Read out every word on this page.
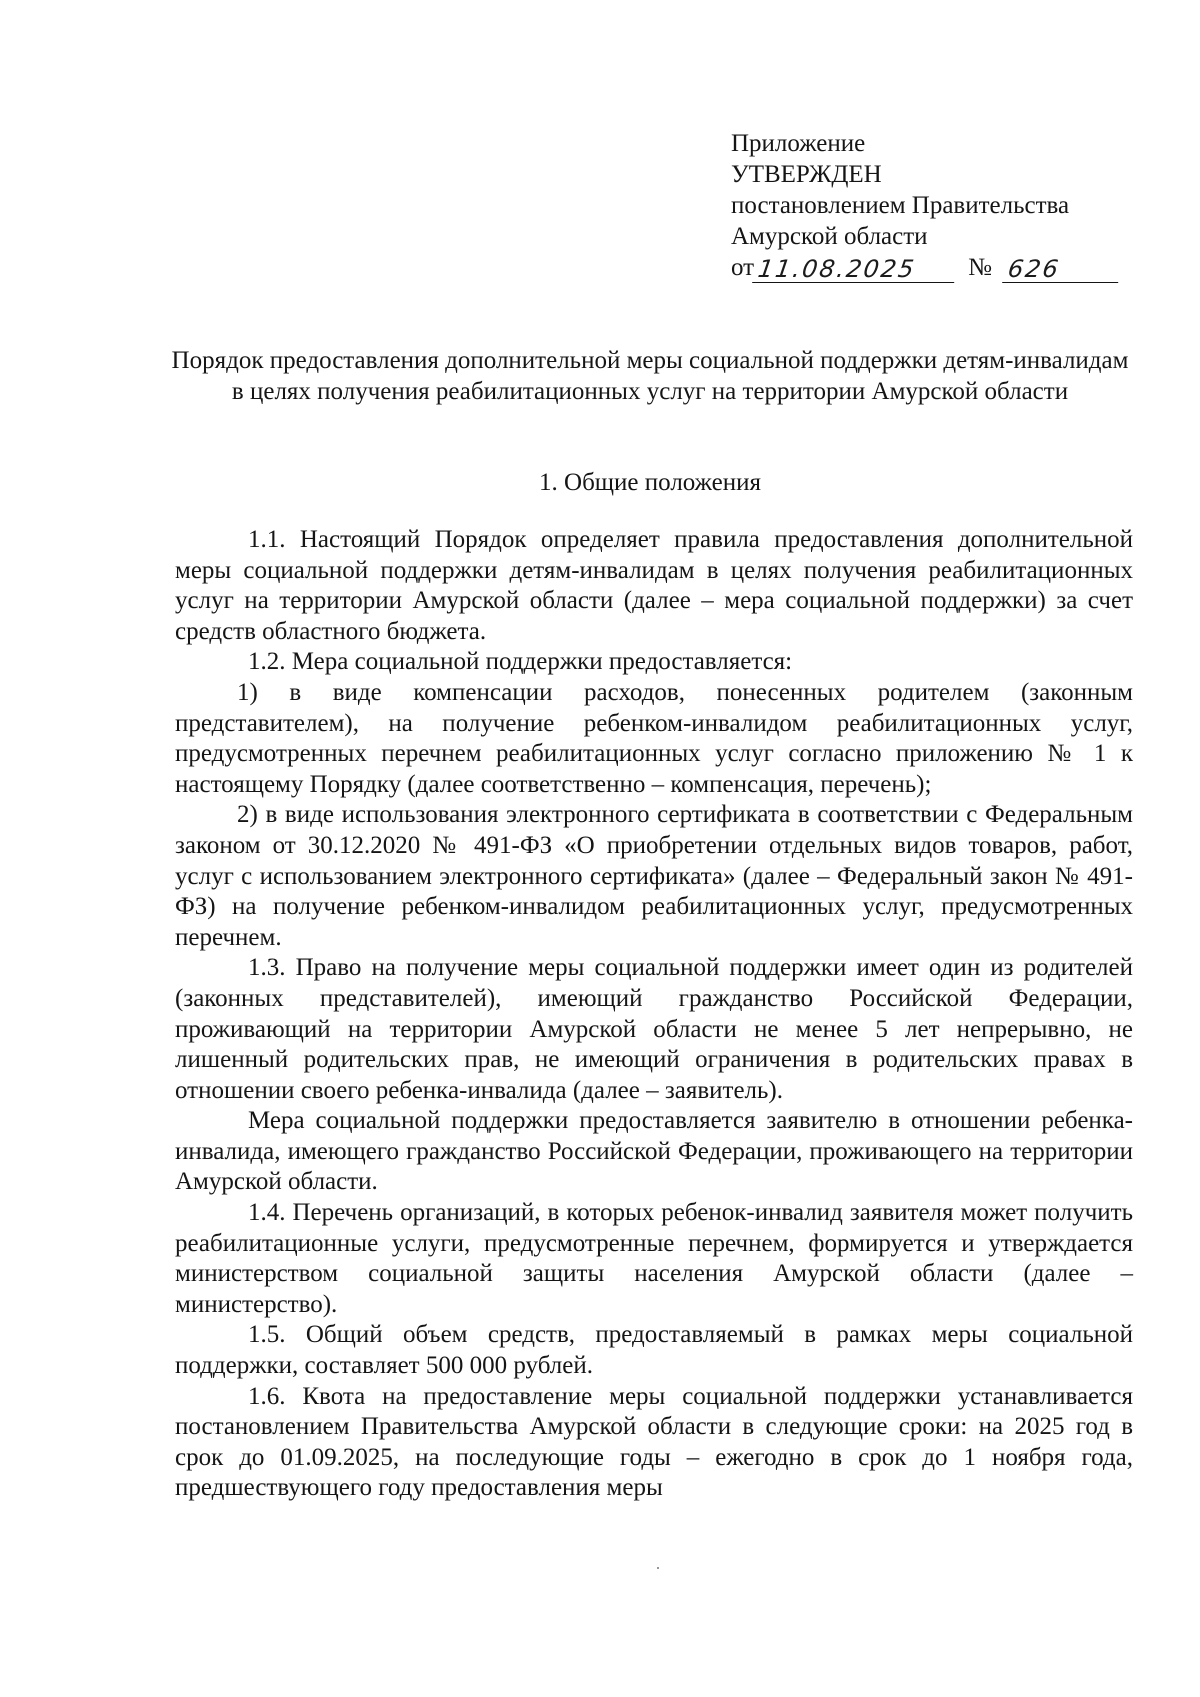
Приложение
УТВЕРЖДЕН
постановлением Правительства
Амурской области
от 11.08.2025	№ 626
Порядок предоставления дополнительной меры социальной поддержки детям-инвалидам в целях получения реабилитационных услуг на территории Амурской области
1. Общие положения

1.1. Настоящий Порядок определяет правила предоставления дополнительной меры социальной поддержки детям-инвалидам в целях получения реабилитационных услуг на территории Амурской области (далее – мера социальной поддержки) за счет средств областного бюджета.

1.2. Мера социальной поддержки предоставляется:

1) в виде компенсации расходов, понесенных родителем (законным представителем), на получение ребенком-инвалидом реабилитационных услуг, предусмотренных перечнем реабилитационных услуг согласно приложению № 1 к настоящему Порядку (далее соответственно – компенсация, перечень);

2) в виде использования электронного сертификата в соответствии с Федеральным законом от 30.12.2020 № 491-ФЗ «О приобретении отдельных видов товаров, работ, услуг с использованием электронного сертификата» (далее – Федеральный закон № 491-ФЗ) на получение ребенком-инвалидом реабилитационных услуг, предусмотренных перечнем.

1.3. Право на получение меры социальной поддержки имеет один из родителей (законных представителей), имеющий гражданство Российской Федерации, проживающий на территории Амурской области не менее 5 лет непрерывно, не лишенный родительских прав, не имеющий ограничения в родительских правах в отношении своего ребенка-инвалида (далее – заявитель).

Мера социальной поддержки предоставляется заявителю в отношении ребенка-инвалида, имеющего гражданство Российской Федерации, проживающего на территории Амурской области.

1.4. Перечень организаций, в которых ребенок-инвалид заявителя может получить реабилитационные услуги, предусмотренные перечнем, формируется и утверждается министерством социальной защиты населения Амурской области (далее – министерство).

1.5. Общий объем средств, предоставляемый в рамках меры социальной поддержки, составляет 500 000 рублей.

1.6. Квота на предоставление меры социальной поддержки устанавливается постановлением Правительства Амурской области в следующие сроки: на 2025 год в срок до 01.09.2025, на последующие годы – ежегодно в срок до 1 ноября года, предшествующего году предоставления меры
